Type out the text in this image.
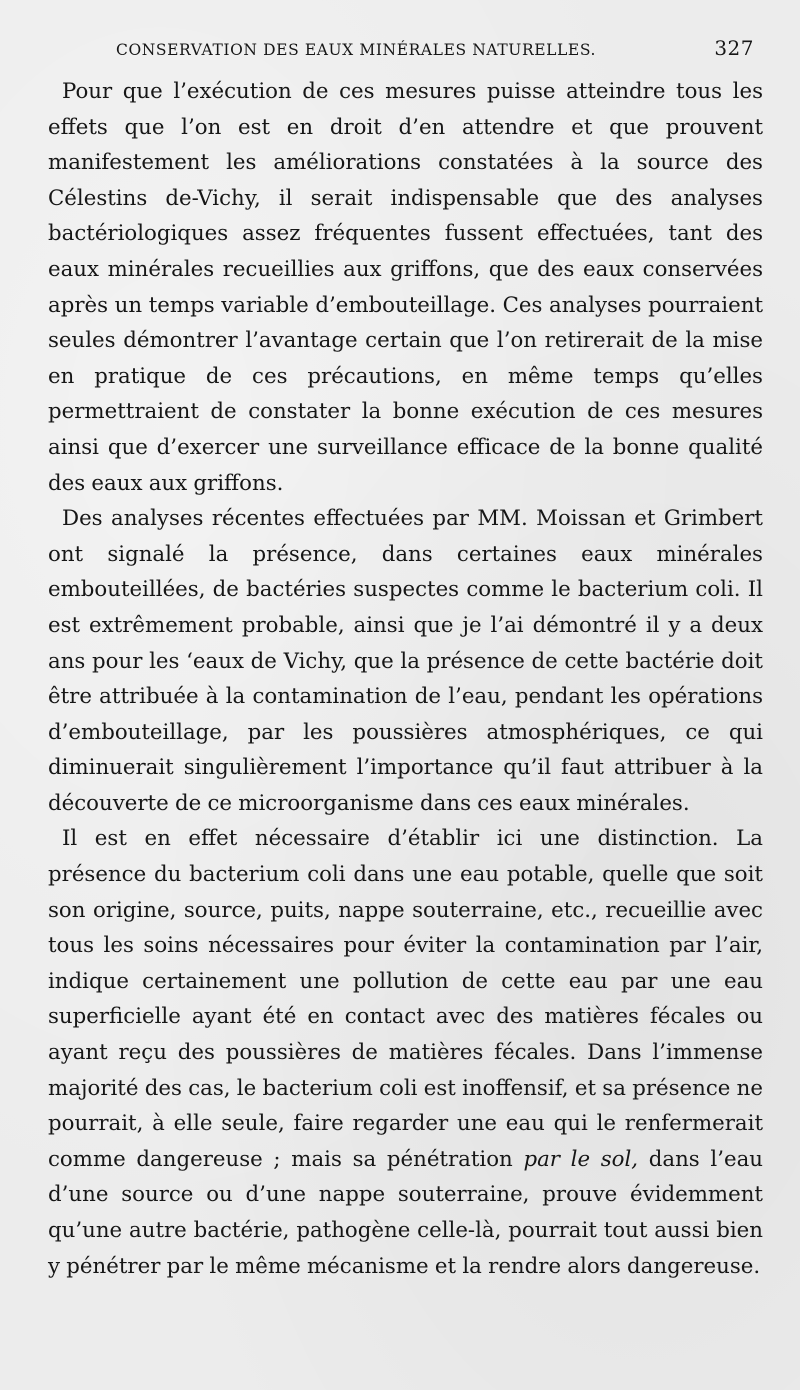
CONSERVATION DES EAUX MINÉRALES NATURELLES.	327

Pour que l’exécution de ces mesures puisse atteindre tous les effets que l’on est en droit d’en attendre et que prouvent manifestement les améliorations constatées à la source des Célestins de-Vichy, il serait indispensable que des analyses bactériologiques assez fréquentes fussent effectuées, tant des eaux minérales recueillies aux griffons, que des eaux conservées après un temps variable d’embouteillage. Ces analyses pourraient seules démontrer l’avantage certain que l’on retirerait de la mise en pratique de ces précautions, en même temps qu’elles permettraient de constater la bonne exécution de ces mesures ainsi que d’exercer une surveillance efficace de la bonne qualité des eaux aux griffons.

Des analyses récentes effectuées par MM. Moissan et Grimbert ont signalé la présence, dans certaines eaux minérales embouteillées, de bactéries suspectes comme le bacterium coli. Il est extrêmement probable, ainsi que je l’ai démontré il y a deux ans pour les ‘eaux de Vichy, que la présence de cette bactérie doit être attribuée à la contamination de l’eau, pendant les opérations d’embouteillage, par les poussières atmosphériques, ce qui diminuerait singulièrement l’importance qu’il faut attribuer à la découverte de ce microorganisme dans ces eaux minérales.

Il est en effet nécessaire d’établir ici une distinction. La présence du bacterium coli dans une eau potable, quelle que soit son origine, source, puits, nappe souterraine, etc., recueillie avec tous les soins nécessaires pour éviter la contamination par l’air, indique certainement une pollution de cette eau par une eau superficielle ayant été en contact avec des matières fécales ou ayant reçu des poussières de matières fécales. Dans l’immense majorité des cas, le bacterium coli est inoffensif, et sa présence ne pourrait, à elle seule, faire regarder une eau qui le renfermerait comme dangereuse ; mais sa pénétration par le sol, dans l’eau d’une source ou d’une nappe souterraine, prouve évidemment qu’une autre bactérie, pathogène celle-là, pourrait tout aussi bien y pénétrer par le même mécanisme et la rendre alors dangereuse.
